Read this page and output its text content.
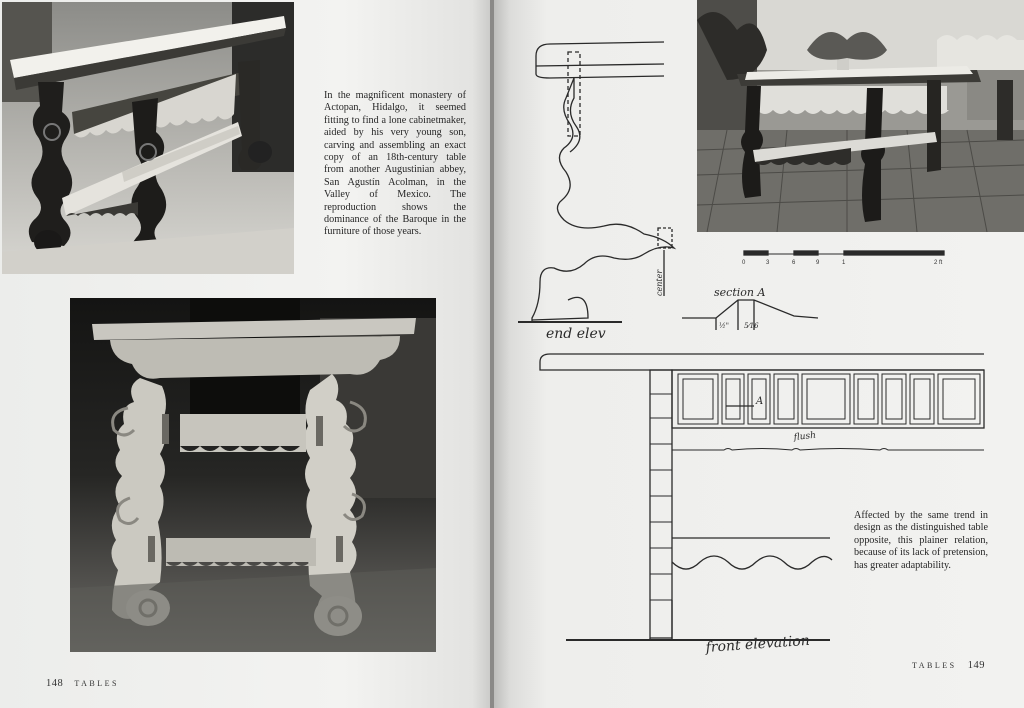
In the magnificent monastery of Actopan, Hidalgo, it seemed fitting to find a lone cabinetmaker, aided by his very young son, carving and assembling an exact copy of an 18th-century table from another Augustinian abbey, San Agustín Acolman, in the Valley of Mexico. The reproduction shows the dominance of the Baroque in the furniture of those years.

148 TABLES
end elev
section A
front elevation
center
flush
A
½" 5⁄16
0	3	6	9	1	2 ft

Affected by the same trend in design as the distinguished table opposite, this plainer relation, because of its lack of pretension, has greater adaptability.

TABLES 149
